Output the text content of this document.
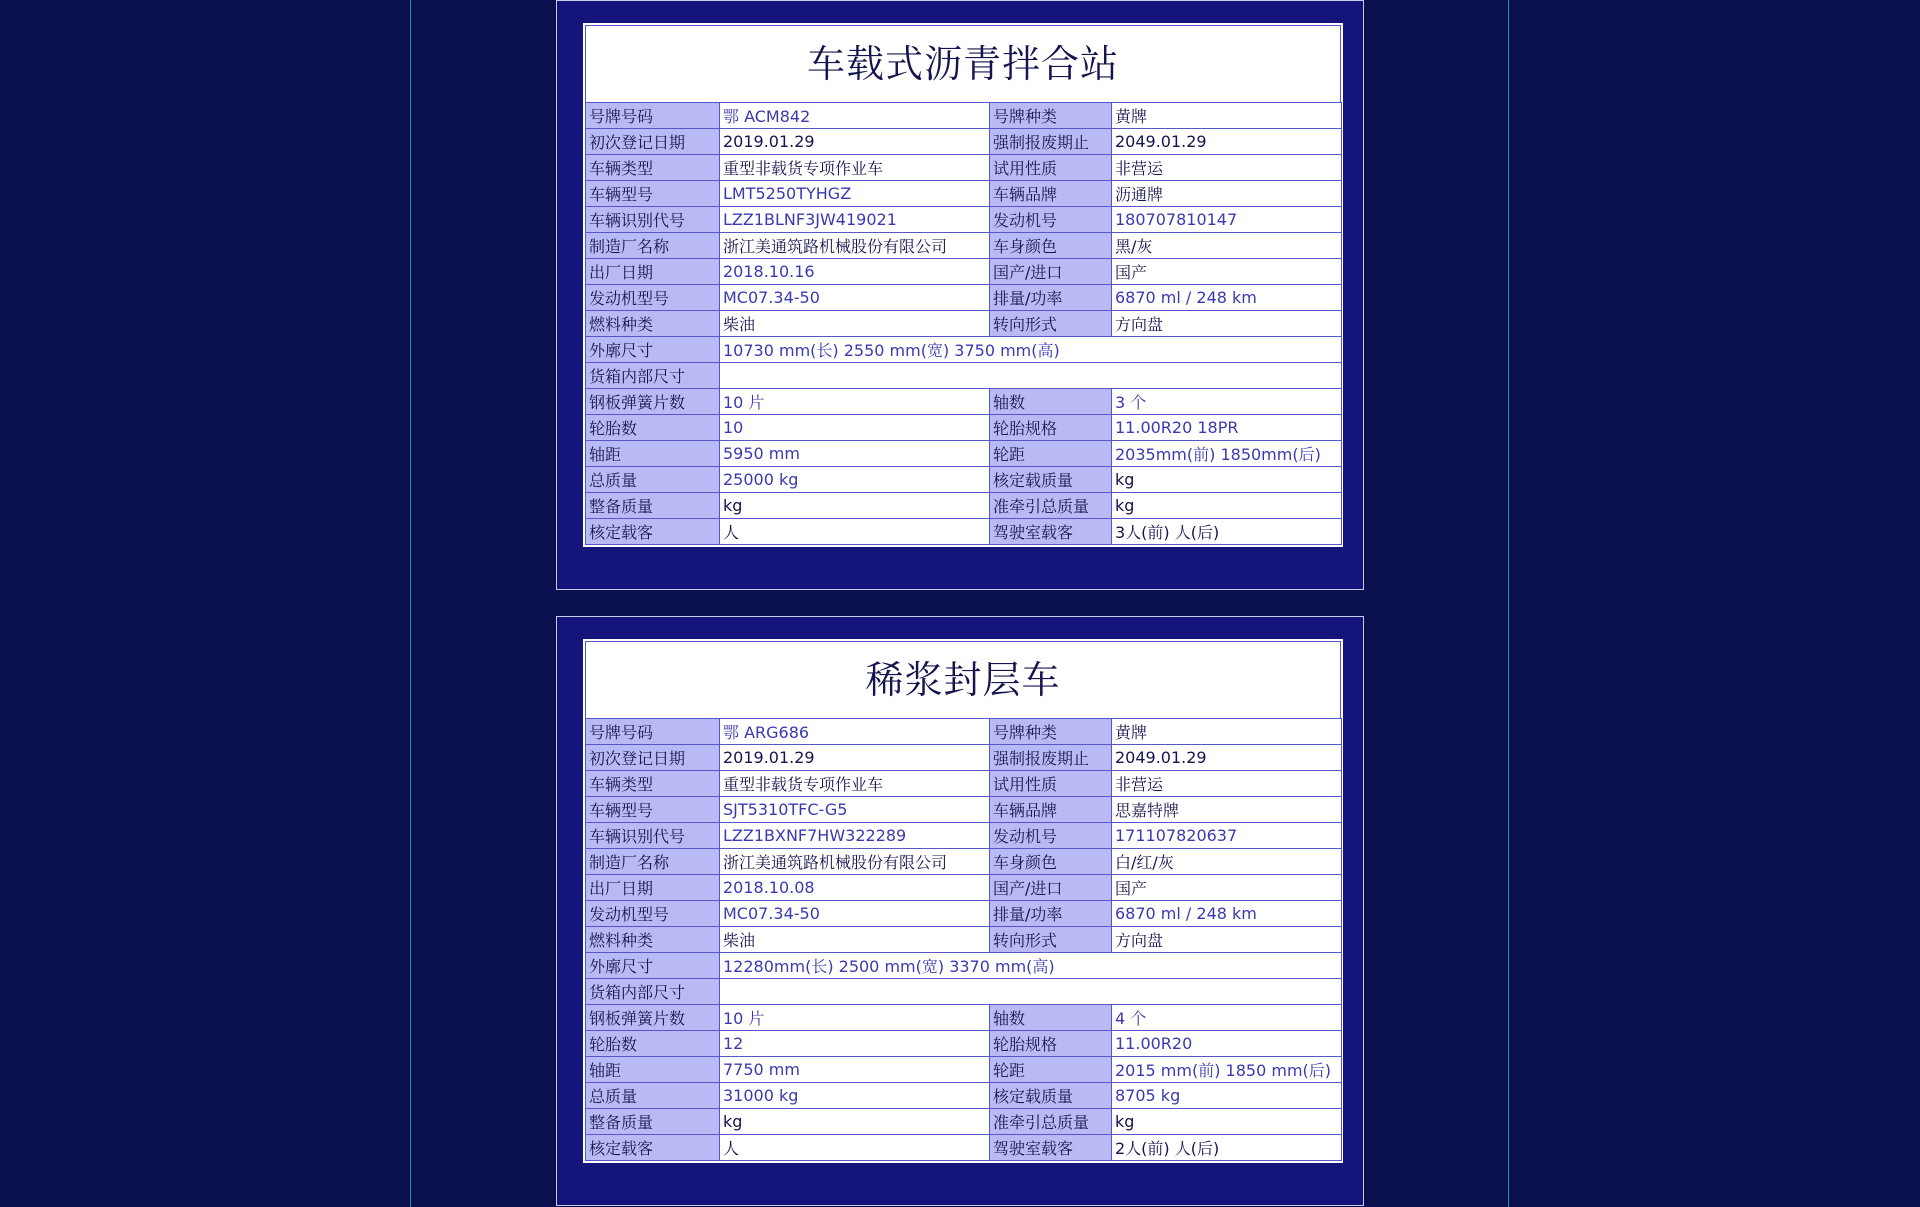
车载式沥青拌合站
号牌号码	鄂 ACM842	号牌种类	黄牌
初次登记日期	2019.01.29	强制报废期止	2049.01.29
车辆类型	重型非载货专项作业车	试用性质	非营运
车辆型号	LMT5250TYHGZ	车辆品牌	沥通牌
车辆识别代号	LZZ1BLNF3JW419021	发动机号	180707810147
制造厂名称	浙江美通筑路机械股份有限公司	车身颜色	黑/灰
出厂日期	2018.10.16	国产/进口	国产
发动机型号	MC07.34-50	排量/功率	6870 ml / 248 km
燃料种类	柴油	转向形式	方向盘
外廓尺寸	10730 mm(长) 2550 mm(宽) 3750 mm(高)		
货箱内部尺寸			
钢板弹簧片数	10 片	轴数	3 个
轮胎数	10	轮胎规格	11.00R20 18PR
轴距	5950 mm	轮距	2035mm(前) 1850mm(后)
总质量	25000 kg	核定载质量	kg
整备质量	kg	准牵引总质量	kg
核定载客	人	驾驶室载客	3人(前) 人(后)
稀浆封层车
号牌号码	鄂 ARG686	号牌种类	黄牌
初次登记日期	2019.01.29	强制报废期止	2049.01.29
车辆类型	重型非载货专项作业车	试用性质	非营运
车辆型号	SJT5310TFC-G5	车辆品牌	思嘉特牌
车辆识别代号	LZZ1BXNF7HW322289	发动机号	171107820637
制造厂名称	浙江美通筑路机械股份有限公司	车身颜色	白/红/灰
出厂日期	2018.10.08	国产/进口	国产
发动机型号	MC07.34-50	排量/功率	6870 ml / 248 km
燃料种类	柴油	转向形式	方向盘
外廓尺寸	12280mm(长) 2500 mm(宽) 3370 mm(高)		
货箱内部尺寸			
钢板弹簧片数	10 片	轴数	4 个
轮胎数	12	轮胎规格	11.00R20
轴距	7750 mm	轮距	2015 mm(前) 1850 mm(后)
总质量	31000 kg	核定载质量	8705 kg
整备质量	kg	准牵引总质量	kg
核定载客	人	驾驶室载客	2人(前) 人(后)
